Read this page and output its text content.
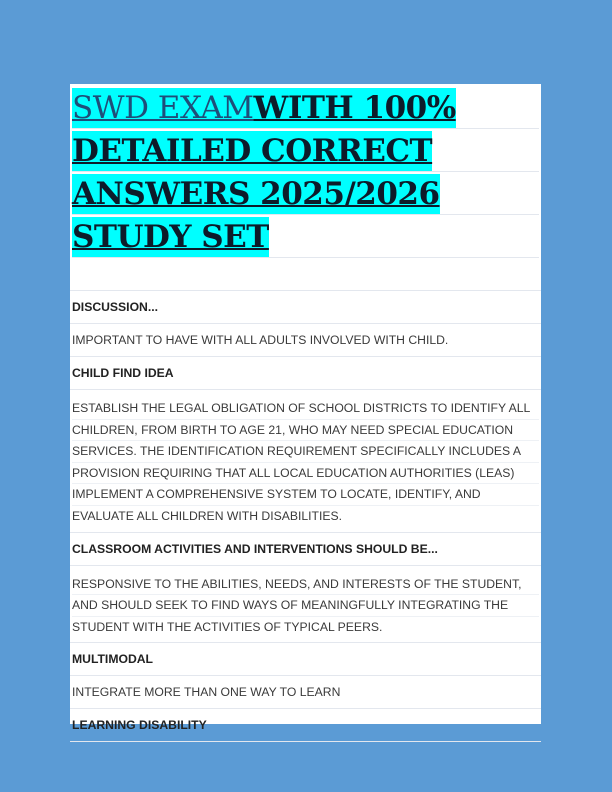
SWD EXAM WITH 100%
DETAILED CORRECT
ANSWERS 2025/2026
STUDY SET
DISCUSSION...
IMPORTANT TO HAVE WITH ALL ADULTS INVOLVED WITH CHILD.
CHILD FIND IDEA
ESTABLISH THE LEGAL OBLIGATION OF SCHOOL DISTRICTS TO IDENTIFY ALL
CHILDREN, FROM BIRTH TO AGE 21, WHO MAY NEED SPECIAL EDUCATION
SERVICES. THE IDENTIFICATION REQUIREMENT SPECIFICALLY INCLUDES A
PROVISION REQUIRING THAT ALL LOCAL EDUCATION AUTHORITIES (LEAS)
IMPLEMENT A COMPREHENSIVE SYSTEM TO LOCATE, IDENTIFY, AND
EVALUATE ALL CHILDREN WITH DISABILITIES.
CLASSROOM ACTIVITIES AND INTERVENTIONS SHOULD BE...
RESPONSIVE TO THE ABILITIES, NEEDS, AND INTERESTS OF THE STUDENT,
AND SHOULD SEEK TO FIND WAYS OF MEANINGFULLY INTEGRATING THE
STUDENT WITH THE ACTIVITIES OF TYPICAL PEERS.
MULTIMODAL
INTEGRATE MORE THAN ONE WAY TO LEARN
LEARNING DISABILITY
